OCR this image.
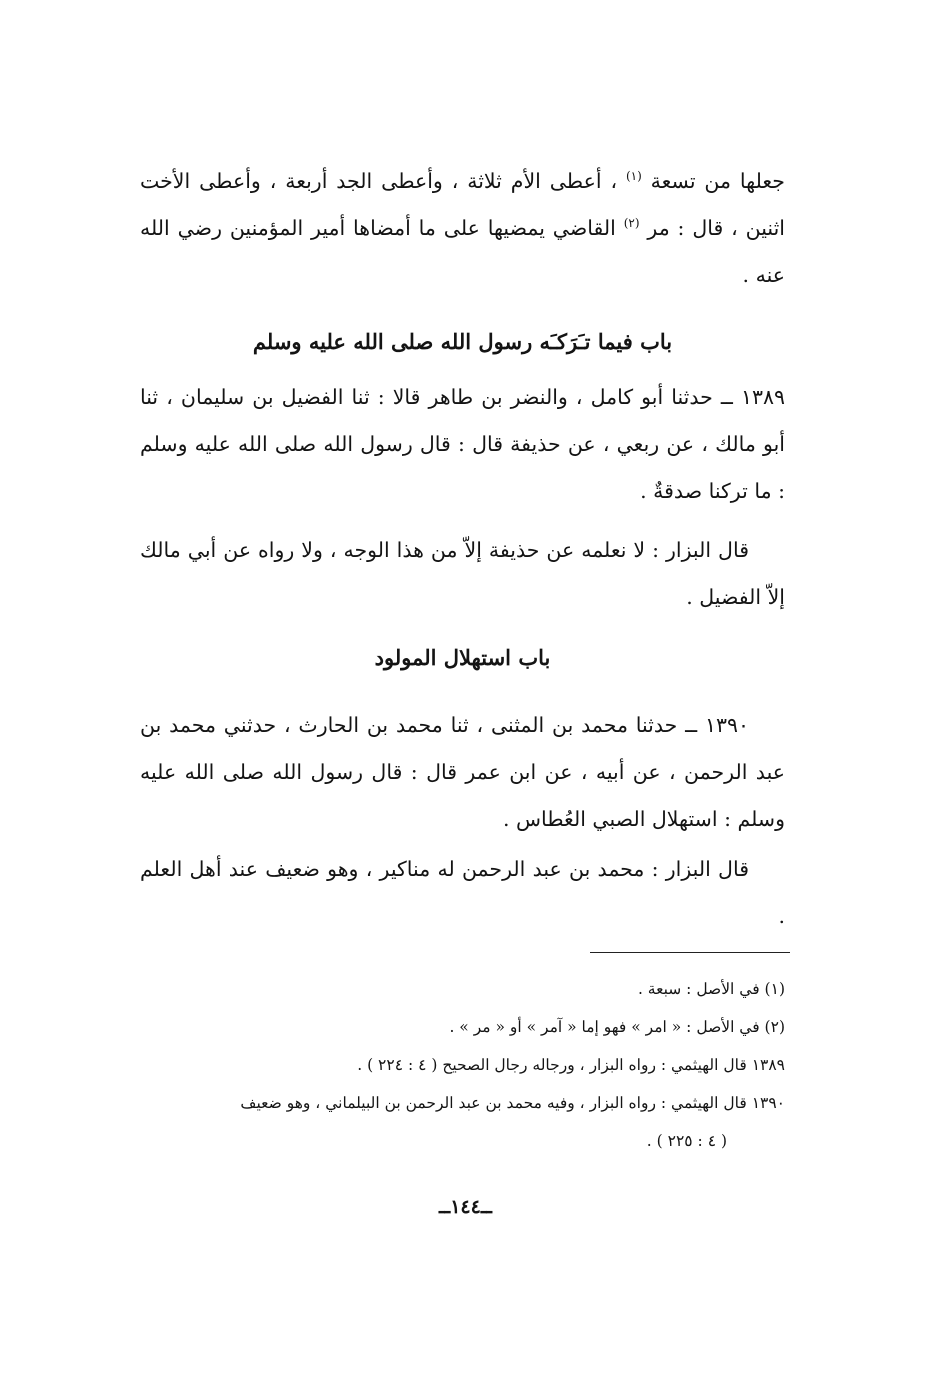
جعلها من تسعة $^{(١)}$ ، أعطى الأم ثلاثة ، وأعطى الجد أربعة ، وأعطى الأخت اثنين ، قال : مر $^{(٢)}$ القاضي يمضيها على ما أمضاها أمير المؤمنين رضي الله عنه .

باب فيما تـَرَكـَه رسول الله صلى الله عليه وسلم

١٣٨٩ ــ حدثنا أبو كامل ، والنضر بن طاهر قالا : ثنا الفضيل بن سليمان ، ثنا أبو مالك ، عن ربعي ، عن حذيفة قال : قال رسول الله صلى الله عليه وسلم : ما تركنا صدقةٌ .

قال البزار : لا نعلمه عن حذيفة إلاّ من هذا الوجه ، ولا رواه عن أبي مالك إلاّ الفضيل .

باب استهلال المولود

١٣٩٠ ــ حدثنا محمد بن المثنى ، ثنا محمد بن الحارث ، حدثني محمد بن عبد الرحمن ، عن أبيه ، عن ابن عمر قال : قال رسول الله صلى الله عليه وسلم : استهلال الصبي العُطاس .

قال البزار : محمد بن عبد الرحمن له مناكير ، وهو ضعيف عند أهل العلم .

(١) في الأصل : سبعة .

(٢) في الأصل : « امر » فهو إما « آمر » أو « مر » .

١٣٨٩ قال الهيثمي : رواه البزار ، ورجاله رجال الصحيح ( ٤ : ٢٢٤ ) .

١٣٩٠ قال الهيثمي : رواه البزار ، وفيه محمد بن عبد الرحمن بن البيلماني ، وهو ضعيف

( ٤ : ٢٢٥ ) .

ــ١٤٤ــ
